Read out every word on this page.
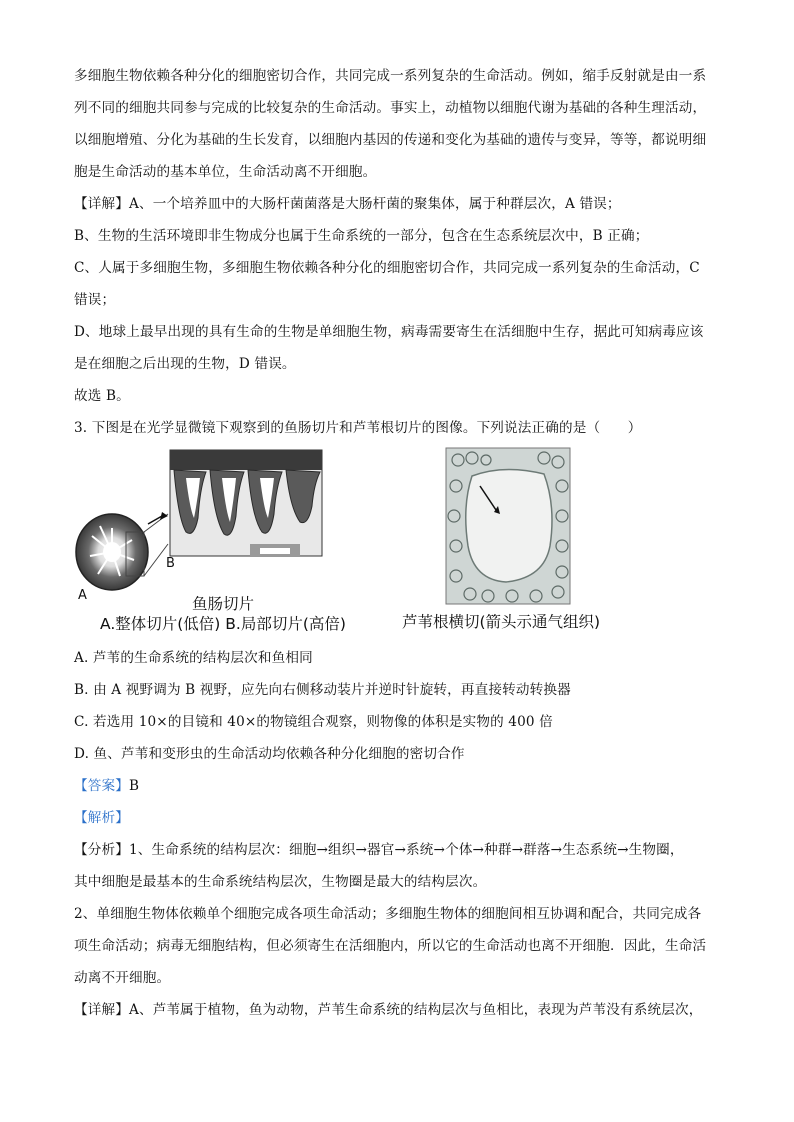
多细胞生物依赖各种分化的细胞密切合作，共同完成一系列复杂的生命活动。例如，缩手反射就是由一系
列不同的细胞共同参与完成的比较复杂的生命活动。事实上，动植物以细胞代谢为基础的各种生理活动，
以细胞增殖、分化为基础的生长发育，以细胞内基因的传递和变化为基础的遗传与变异，等等，都说明细
胞是生命活动的基本单位，生命活动离不开细胞。
【详解】A、一个培养皿中的大肠杆菌菌落是大肠杆菌的聚集体，属于种群层次，A 错误；
B、生物的生活环境即非生物成分也属于生命系统的一部分，包含在生态系统层次中，B 正确；
C、人属于多细胞生物，多细胞生物依赖各种分化的细胞密切合作，共同完成一系列复杂的生命活动，C
错误；
D、地球上最早出现的具有生命的生物是单细胞生物，病毒需要寄生在活细胞中生存，据此可知病毒应该
是在细胞之后出现的生物，D 错误。
故选 B。
3. 下图是在光学显微镜下观察到的鱼肠切片和芦苇根切片的图像。下列说法正确的是（　　）
A
B
鱼肠切片
A.整体切片(低倍) B.局部切片(高倍)	芦苇根横切(箭头示通气组织)
A. 芦苇的生命系统的结构层次和鱼相同
B. 由 A 视野调为 B 视野，应先向右侧移动装片并逆时针旋转，再直接转动转换器
C. 若选用 10×的目镜和 40×的物镜组合观察，则物像的体积是实物的 400 倍
D. 鱼、芦苇和变形虫的生命活动均依赖各种分化细胞的密切合作
【答案】B
【解析】
【分析】1、生命系统的结构层次：细胞→组织→器官→系统→个体→种群→群落→生态系统→生物圈，
其中细胞是最基本的生命系统结构层次，生物圈是最大的结构层次。
2、单细胞生物体依赖单个细胞完成各项生命活动；多细胞生物体的细胞间相互协调和配合，共同完成各
项生命活动；病毒无细胞结构，但必须寄生在活细胞内，所以它的生命活动也离不开细胞．因此，生命活
动离不开细胞。
【详解】A、芦苇属于植物，鱼为动物，芦苇生命系统的结构层次与鱼相比，表现为芦苇没有系统层次，
